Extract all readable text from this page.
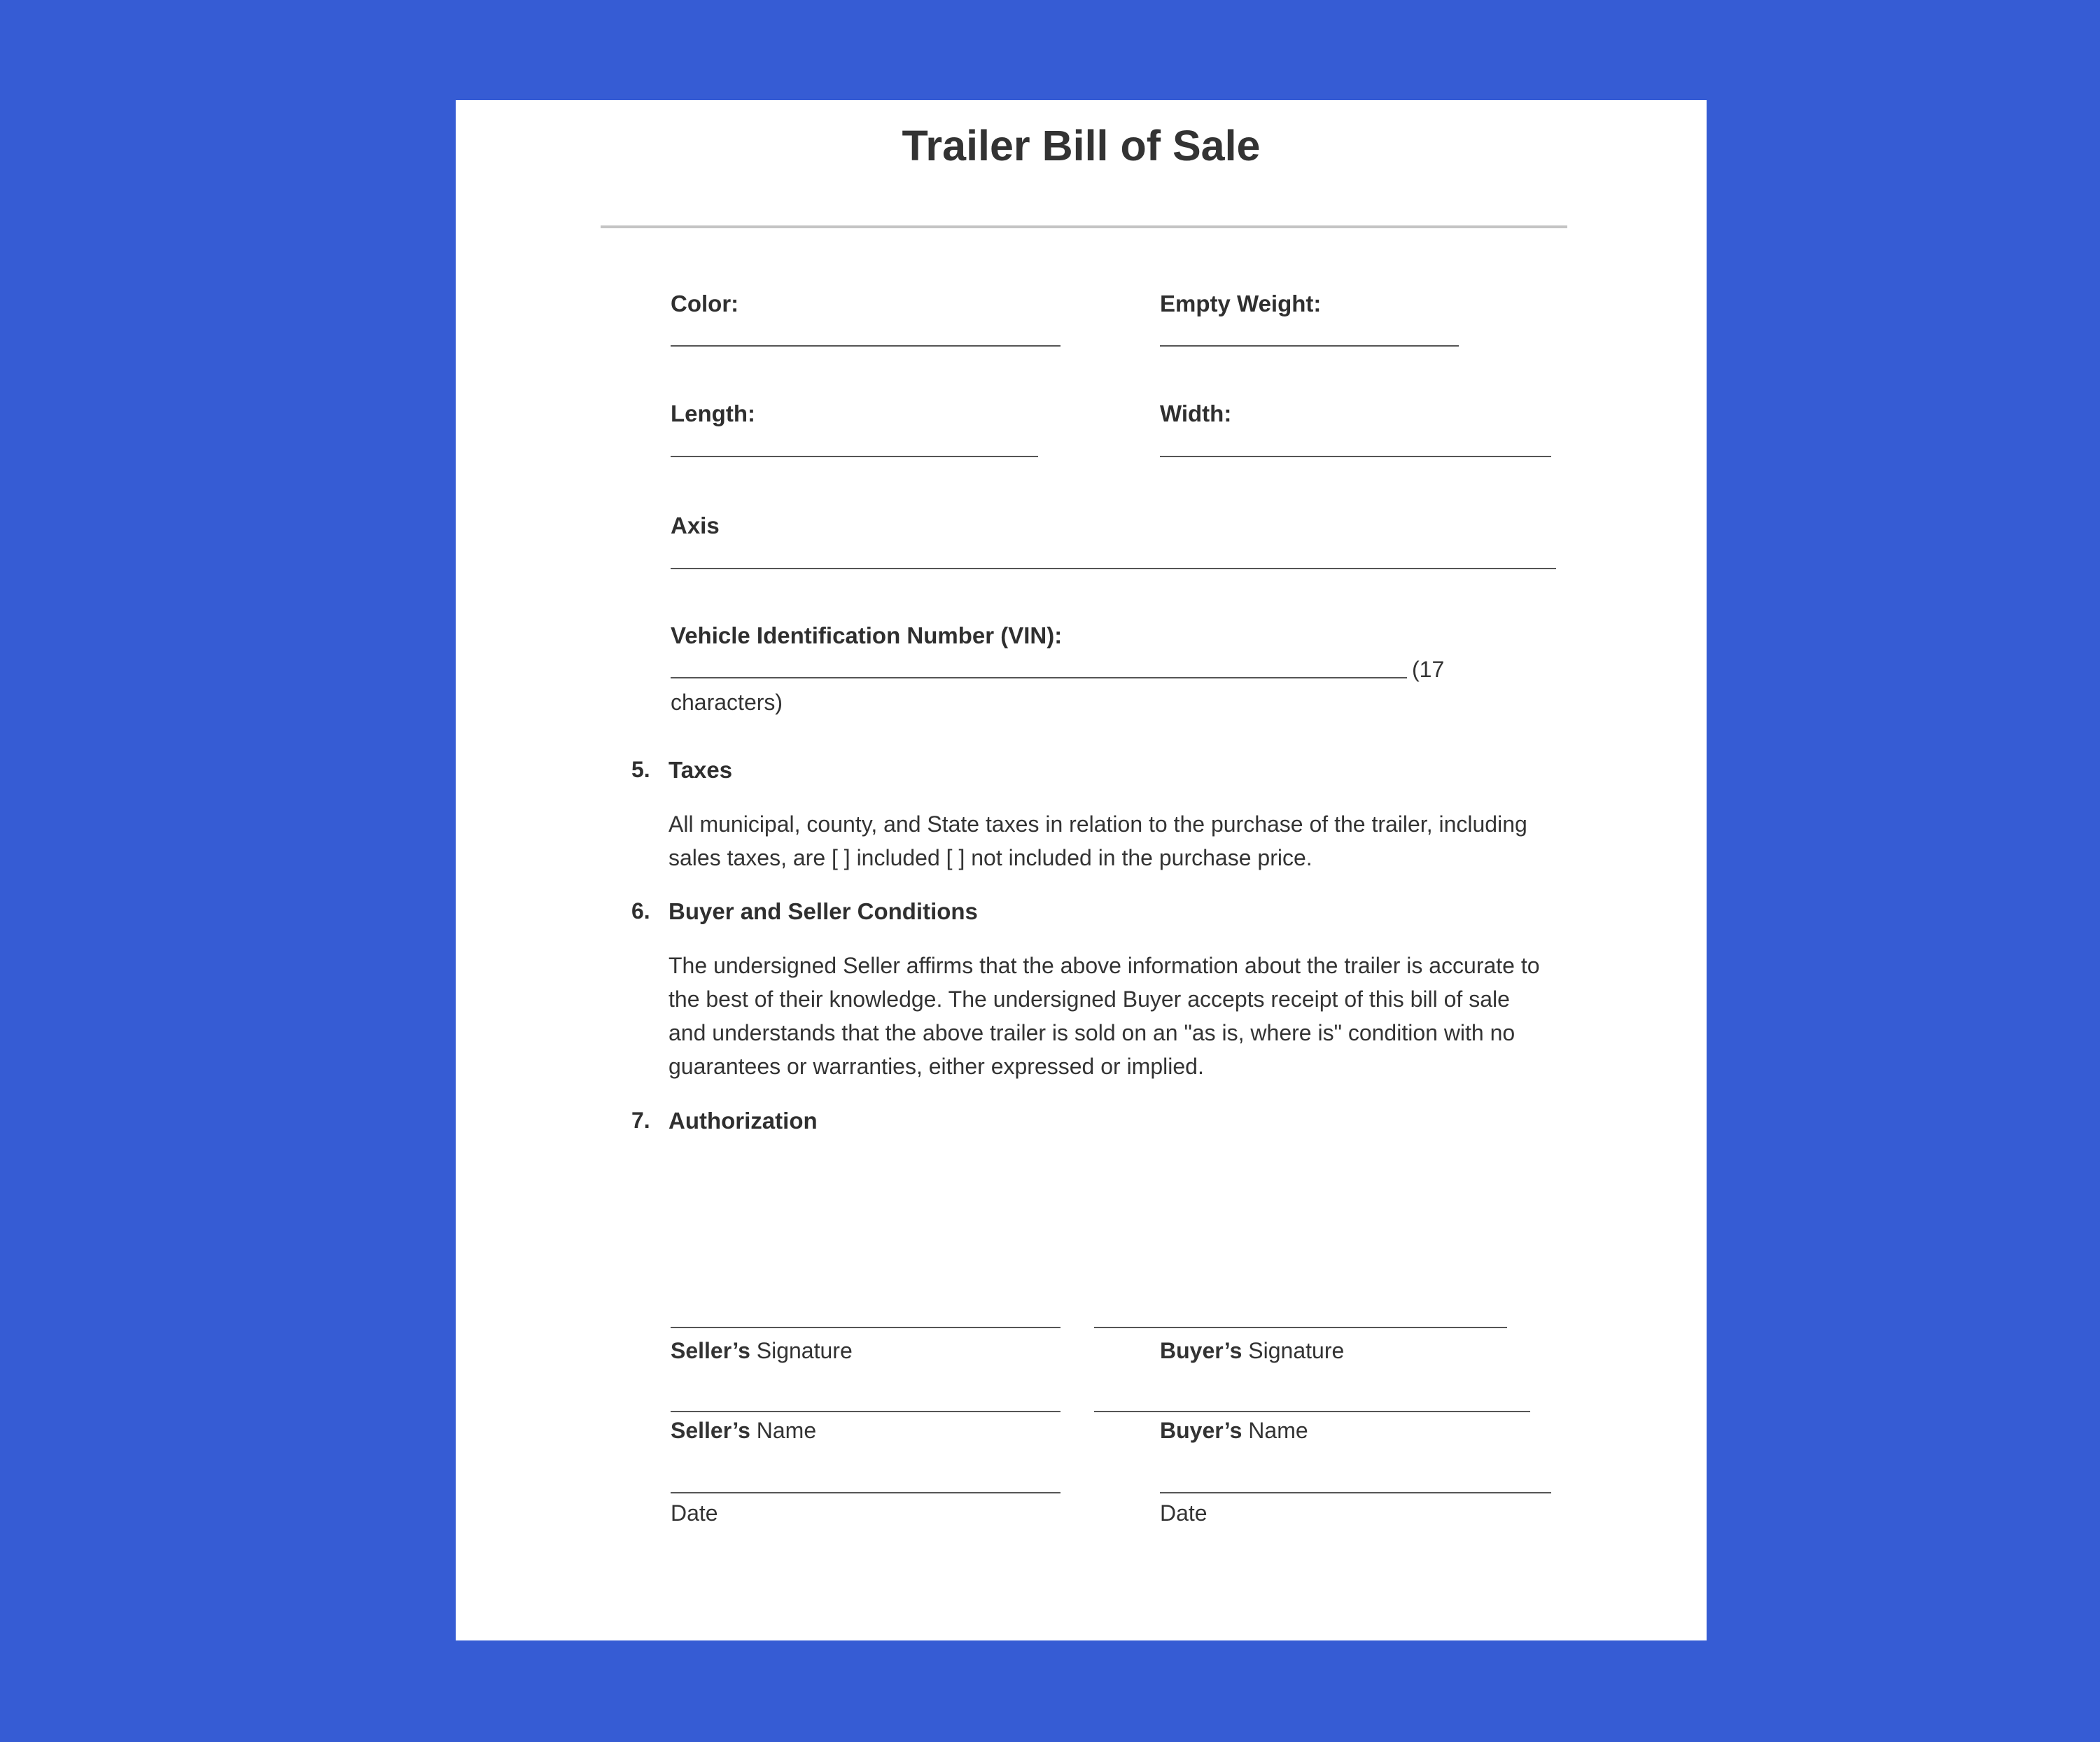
Trailer Bill of Sale
Color:	Empty Weight:
Length:	Width:
Axis
Vehicle Identification Number (VIN):
(17
characters)
5. Taxes
All municipal, county, and State taxes in relation to the purchase of the trailer, including
sales taxes, are [ ] included [ ] not included in the purchase price.
6. Buyer and Seller Conditions
The undersigned Seller affirms that the above information about the trailer is accurate to
the best of their knowledge. The undersigned Buyer accepts receipt of this bill of sale
and understands that the above trailer is sold on an "as is, where is" condition with no
guarantees or warranties, either expressed or implied.
7. Authorization
Seller’s Signature	Buyer’s Signature
Seller’s Name	Buyer’s Name
Date	Date
